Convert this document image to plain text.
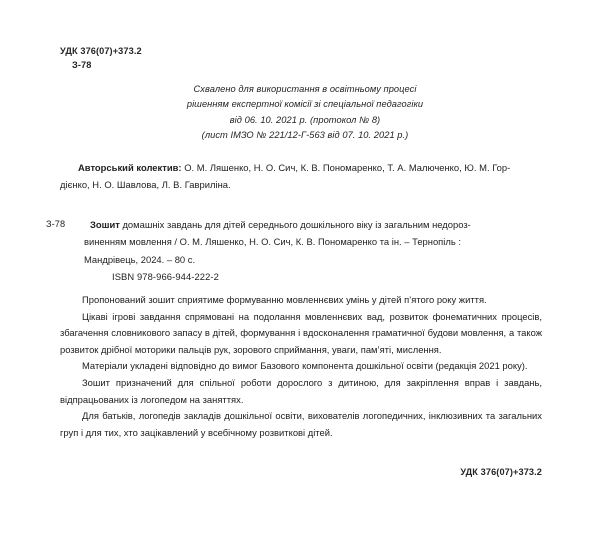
УДК 376(07)+373.2
З-78
Схвалено для використання в освітньому процесі
рішенням експертної комісії зі спеціальної педагогіки
від 06. 10. 2021 р. (протокол № 8)
(лист ІМЗО № 221/12-Г-563 від 07. 10. 2021 р.)
Авторський колектив: О. М. Ляшенко, Н. О. Сич, К. В. Пономаренко, Т. А. Малюченко, Ю. М. Гор-
дієнко, Н. О. Шавлова, Л. В. Гавриліна.
З-78	Зошит домашніх завдань для дітей середнього дошкільного віку із загальним недороз-
виненням мовлення / О. М. Ляшенко, Н. О. Сич, К. В. Пономаренко та ін. – Тернопіль :
Мандрівець, 2024. – 80 с.
ISBN 978-966-944-222-2

Пропонований зошит сприятиме формуванню мовленнєвих умінь у дітей п’ятого року життя.

Цікаві ігрові завдання спрямовані на подолання мовленнєвих вад, розвиток фонематичних процесів, збагачення словникового запасу в дітей, формування і вдосконалення граматичної будови мовлення, а також розвиток дрібної моторики пальців рук, зорового сприймання, уваги, пам’яті, мислення.

Матеріали укладені відповідно до вимог Базового компонента дошкільної освіти (редакція 2021 року).

Зошит призначений для спільної роботи дорослого з дитиною, для закріплення вправ і завдань, відпрацьованих із логопедом на заняттях.

Для батьків, логопедів закладів дошкільної освіти, вихователів логопедичних, інклюзивних та загальних груп і для тих, хто зацікавлений у всебічному розвиткові дітей.

УДК 376(07)+373.2
